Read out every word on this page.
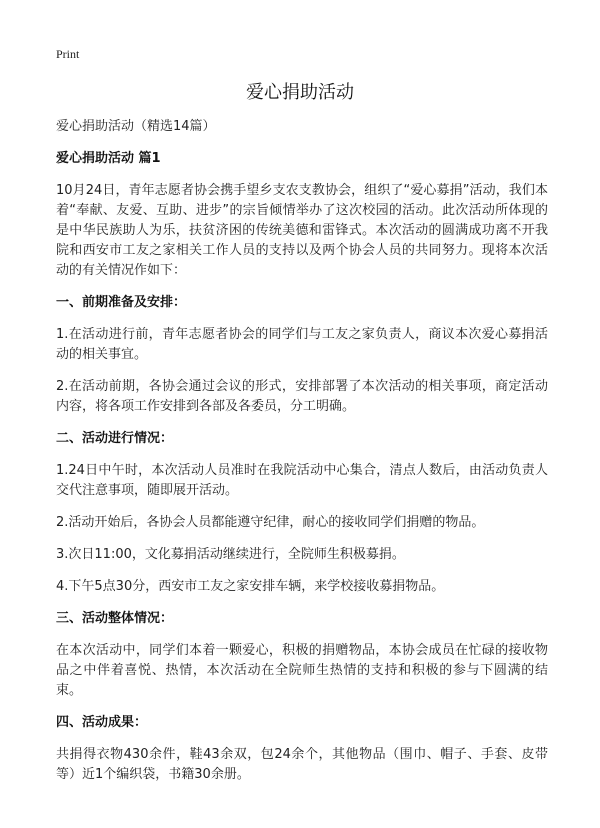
Print
爱心捐助活动

爱心捐助活动（精选14篇）

爱心捐助活动 篇1

10月24日，青年志愿者协会携手望乡支农支教协会，组织了“爱心募捐”活动，我们本着“奉献、友爱、互助、进步”的宗旨倾情举办了这次校园的活动。此次活动所体现的是中华民族助人为乐，扶贫济困的传统美德和雷锋式。本次活动的圆满成功离不开我院和西安市工友之家相关工作人员的支持以及两个协会人员的共同努力。现将本次活动的有关情况作如下：

一、前期准备及安排：

1.在活动进行前，青年志愿者协会的同学们与工友之家负责人，商议本次爱心募捐活动的相关事宜。

2.在活动前期，各协会通过会议的形式，安排部署了本次活动的相关事项，商定活动内容，将各项工作安排到各部及各委员，分工明确。

二、活动进行情况：

1.24日中午时，本次活动人员准时在我院活动中心集合，清点人数后，由活动负责人交代注意事项，随即展开活动。

2.活动开始后，各协会人员都能遵守纪律，耐心的接收同学们捐赠的物品。

3.次日11:00，文化募捐活动继续进行，全院师生积极募捐。

4.下午5点30分，西安市工友之家安排车辆，来学校接收募捐物品。

三、活动整体情况：

在本次活动中，同学们本着一颗爱心，积极的捐赠物品，本协会成员在忙碌的接收物品之中伴着喜悦、热情，本次活动在全院师生热情的支持和积极的参与下圆满的结束。

四、活动成果：

共捐得衣物430余件，鞋43余双，包24余个，其他物品（围巾、帽子、手套、皮带等）近1个编织袋，书籍30余册。
